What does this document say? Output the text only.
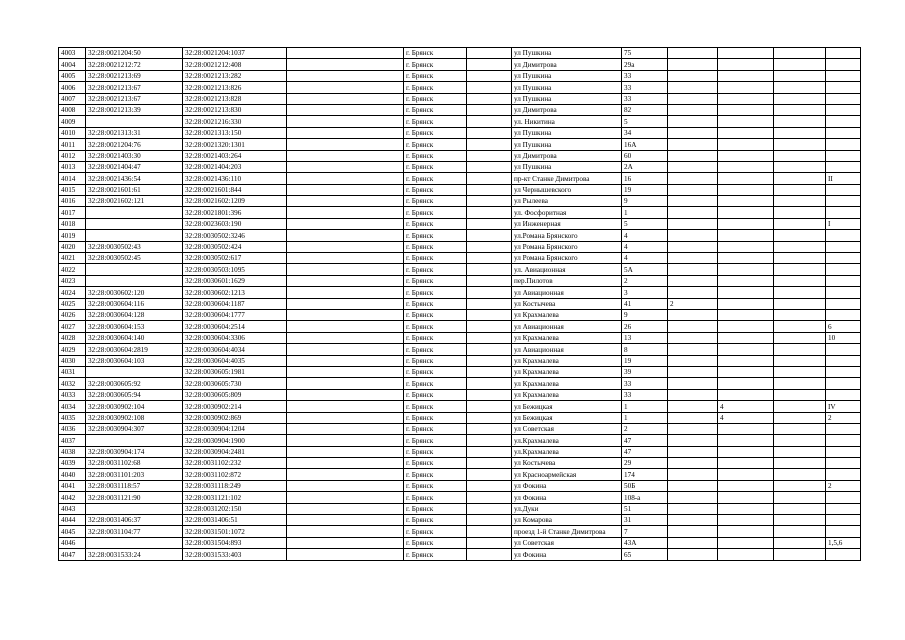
4003	32:28:0021204:50	32:28:0021204:1037		г. Брянск		ул Пушкина	75				
4004	32:28:0021212:72	32:28:0021212:408		г. Брянск		ул Димитрова	29а				
4005	32:28:0021213:69	32:28:0021213:282		г. Брянск		ул Пушкина	33				
4006	32:28:0021213:67	32:28:0021213:826		г. Брянск		ул Пушкина	33				
4007	32:28:0021213:67	32:28:0021213:828		г. Брянск		ул Пушкина	33				
4008	32:28:0021213:39	32:28:0021213:830		г. Брянск		ул Димитрова	82				
4009		32:28:0021216:330		г. Брянск		ул. Никитина	5				
4010	32:28:0021313:31	32:28:0021313:150		г. Брянск		ул Пушкина	34				
4011	32:28:0021204:76	32:28:0021320:1301		г. Брянск		ул Пушкина	16А				
4012	32:28:0021403:30	32:28:0021403:264		г. Брянск		ул Димитрова	60				
4013	32:28:0021404:47	32:28:0021404:203		г. Брянск		ул Пушкина	2А				
4014	32:28:0021436:54	32:28:0021436:110		г. Брянск		пр-кт Станке Димитрова	16				II
4015	32:28:0021601:61	32:28:0021601:844		г. Брянск		ул Чернышевского	19				
4016	32:28:0021602:121	32:28:0021602:1209		г. Брянск		ул Рылеева	9				
4017		32:28:0021801:396		г. Брянск		ул. Фосфоритная	1				
4018		32:28:0023603:190		г. Брянск		ул Инженерная	5				I
4019		32:28:0030502:3246		г. Брянск		ул.Романа Брянского	4				
4020	32:28:0030502:43	32:28:0030502:424		г. Брянск		ул Романа Брянского	4				
4021	32:28:0030502:45	32:28:0030502:617		г. Брянск		ул Романа Брянского	4				
4022		32:28:0030503:1095		г. Брянск		ул. Авиационная	5А				
4023		32:28:0030601:1629		г. Брянск		пер.Пилотов	2				
4024	32:28:0030602:120	32:28:0030602:1213		г. Брянск		ул Авиационная	3				
4025	32:28:0030604:116	32:28:0030604:1187		г. Брянск		ул Костычева	41	2			
4026	32:28:0030604:128	32:28:0030604:1777		г. Брянск		ул Крахмалева	9				
4027	32:28:0030604:153	32:28:0030604:2514		г. Брянск		ул Авиационная	26				6
4028	32:28:0030604:140	32:28:0030604:3306		г. Брянск		ул Крахмалева	13				10
4029	32:28:0030604:2819	32:28:0030604:4034		г. Брянск		ул Авиационная	8				
4030	32:28:0030604:103	32:28:0030604:4035		г. Брянск		ул Крахмалева	19				
4031		32:28:0030605:1981		г. Брянск		ул Крахмалева	39				
4032	32:28:0030605:92	32:28:0030605:730		г. Брянск		ул Крахмалева	33				
4033	32:28:0030605:94	32:28:0030605:809		г. Брянск		ул Крахмалева	33				
4034	32:28:0030902:104	32:28:0030902:214		г. Брянск		ул Бежицкая	1		4		IV
4035	32:28:0030902:108	32:28:0030902:869		г. Брянск		ул Бежицкая	1		4		2
4036	32:28:0030904:307	32:28:0030904:1204		г. Брянск		ул Советская	2				
4037		32:28:0030904:1900		г. Брянск		ул.Крахмалева	47				
4038	32:28:0030904:174	32:28:0030904:2481		г. Брянск		ул.Крахмалева	47				
4039	32:28:0031102:68	32:28:0031102:232		г. Брянск		ул Костычева	29				
4040	32:28:0031101:203	32:28:0031102:872		г. Брянск		ул Красноармейская	174				
4041	32:28:0031118:57	32:28:0031118:249		г. Брянск		ул Фокина	50Б				2
4042	32:28:0031121:90	32:28:0031121:102		г. Брянск		ул Фокина	108-а				
4043		32:28:0031202:150		г. Брянск		ул.Дуки	51				
4044	32:28:0031406:37	32:28:0031406:51		г. Брянск		ул Комарова	31				
4045	32:28:0031104:77	32:28:0031501:1072		г. Брянск		проезд 1-й Станке Димитрова	7				
4046		32:28:0031504:893		г. Брянск		ул Советская	43А				1,5,6
4047	32:28:0031533:24	32:28:0031533:403		г. Брянск		ул Фокина	65				
